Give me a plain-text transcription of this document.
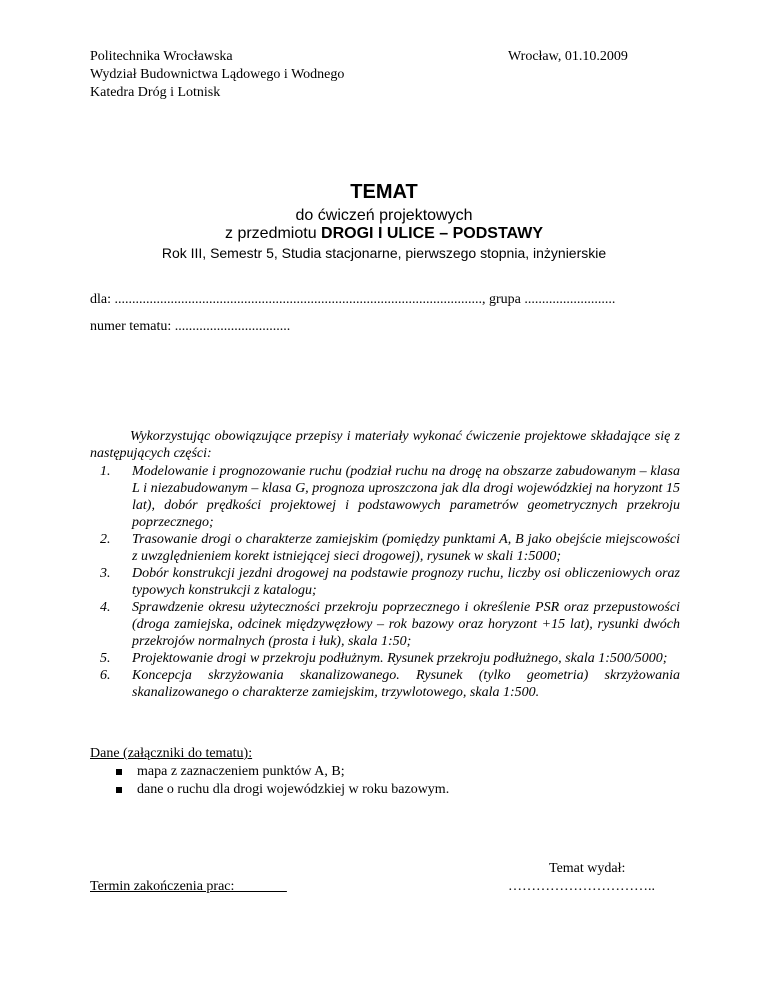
Politechnika Wrocławska
Wydział Budownictwa Lądowego i Wodnego
Katedra Dróg i Lotnisk
Wrocław, 01.10.2009
TEMAT
do ćwiczeń projektowych
z przedmiotu DROGI I ULICE – PODSTAWY
Rok III, Semestr 5, Studia stacjonarne, pierwszego stopnia, inżynierskie
dla: ........................................................................................................., grupa ..........................
numer tematu: .................................
Wykorzystując obowiązujące przepisy i materiały wykonać ćwiczenie projektowe składające się z następujących części:
1. Modelowanie i prognozowanie ruchu (podział ruchu na drogę na obszarze zabudowanym – klasa L i niezabudowanym – klasa G, prognoza uproszczona jak dla drogi wojewódzkiej na horyzont 15 lat), dobór prędkości projektowej i podstawowych parametrów geometrycznych przekroju poprzecznego;
2. Trasowanie drogi o charakterze zamiejskim (pomiędzy punktami A, B jako obejście miejscowości z uwzględnieniem korekt istniejącej sieci drogowej), rysunek w skali 1:5000;
3. Dobór konstrukcji jezdni drogowej na podstawie prognozy ruchu, liczby osi obliczeniowych oraz typowych konstrukcji z katalogu;
4. Sprawdzenie okresu użyteczności przekroju poprzecznego i określenie PSR oraz przepustowości (droga zamiejska, odcinek międzywęzłowy – rok bazowy oraz horyzont +15 lat), rysunki dwóch przekrojów normalnych (prosta i łuk), skala 1:50;
5. Projektowanie drogi w przekroju podłużnym. Rysunek przekroju podłużnego, skala 1:500/5000;
6. Koncepcja skrzyżowania skanalizowanego. Rysunek (tylko geometria) skrzyżowania skanalizowanego o charakterze zamiejskim, trzywlotowego, skala 1:500.
Dane (załączniki do tematu):
mapa z zaznaczeniem punktów A, B;
dane o ruchu dla drogi wojewódzkiej w roku bazowym.
Temat wydał:
Termin zakończenia prac:	…………………………..
